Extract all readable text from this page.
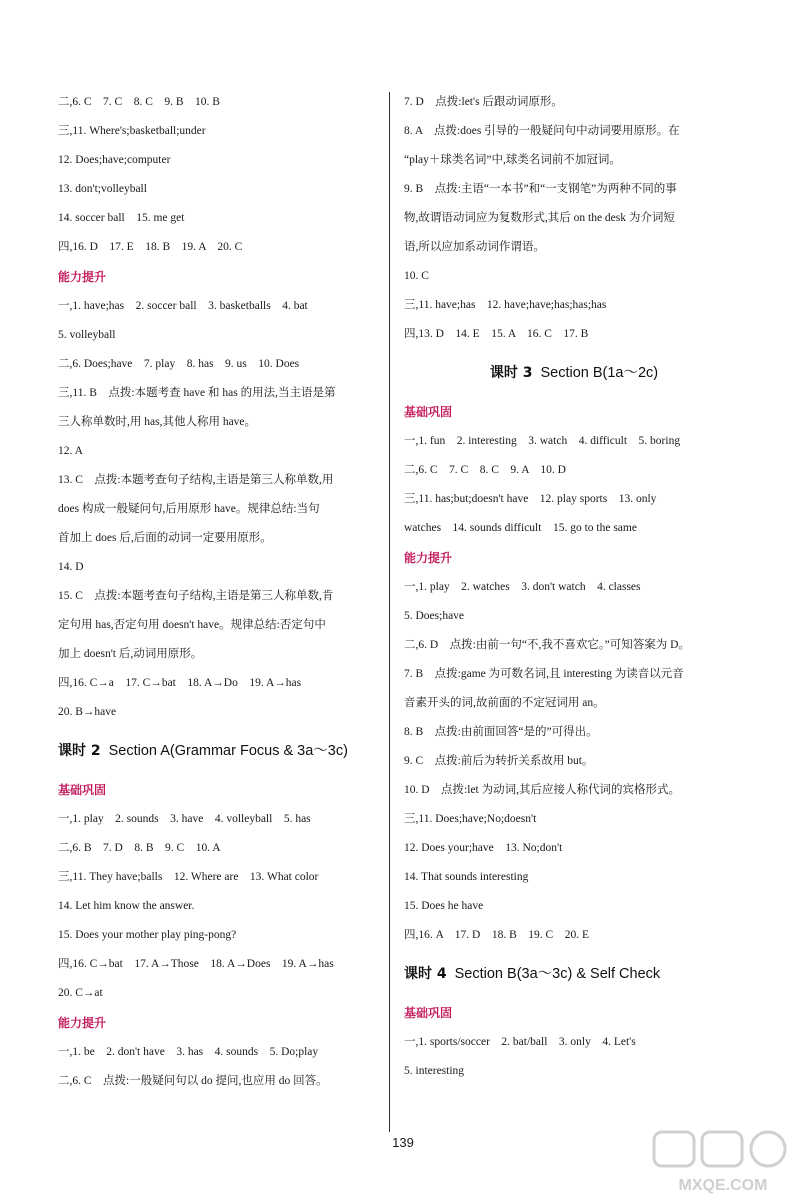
二,6. C　7. C　8. C　9. B　10. B
三,11. Where's;basketball;under
12. Does;have;computer
13. don't;volleyball
14. soccer ball　15. me get
四,16. D　17. E　18. B　19. A　20. C
能力提升
一,1. have;has　2. soccer ball　3. basketballs　4. bat
5. volleyball
二,6. Does;have　7. play　8. has　9. us　10. Does
三,11. B　点拨:本题考查 have 和 has 的用法,当主语是第
三人称单数时,用 has,其他人称用 have。
12. A
13. C　点拨:本题考查句子结构,主语是第三人称单数,用
does 构成一般疑问句,后用原形 have。规律总结:当句
首加上 does 后,后面的动词一定要用原形。
14. D
15. C　点拨:本题考查句子结构,主语是第三人称单数,肯
定句用 has,否定句用 doesn't have。规律总结:否定句中
加上 doesn't 后,动词用原形。
四,16. C→a　17. C→bat　18. A→Do　19. A→has
20. B→have
课时 2 Section A(Grammar Focus & 3a～3c)
基础巩固
一,1. play　2. sounds　3. have　4. volleyball　5. has
二,6. B　7. D　8. B　9. C　10. A
三,11. They have;balls　12. Where are　13. What color
14. Let him know the answer.
15. Does your mother play ping-pong?
四,16. C→bat　17. A→Those　18. A→Does　19. A→has
20. C→at
能力提升
一,1. be　2. don't have　3. has　4. sounds　5. Do;play
二,6. C　点拨:一般疑问句以 do 提问,也应用 do 回答。
7. D　点拨:let's 后跟动词原形。
8. A　点拨:does 引导的一般疑问句中动词要用原形。在
“play＋球类名词”中,球类名词前不加冠词。
9. B　点拨:主语“一本书”和“一支钢笔”为两种不同的事
物,故谓语动词应为复数形式,其后 on the desk 为介词短
语,所以应加系动词作谓语。
10. C
三,11. have;has　12. have;have;has;has;has
四,13. D　14. E　15. A　16. C　17. B
课时 3 Section B(1a～2c)
基础巩固
一,1. fun　2. interesting　3. watch　4. difficult　5. boring
二,6. C　7. C　8. C　9. A　10. D
三,11. has;but;doesn't have　12. play sports　13. only
watches　14. sounds difficult　15. go to the same
能力提升
一,1. play　2. watches　3. don't watch　4. classes
5. Does;have
二,6. D　点拨:由前一句“不,我不喜欢它。”可知答案为 D。
7. B　点拨:game 为可数名词,且 interesting 为读音以元音
音素开头的词,故前面的不定冠词用 an。
8. B　点拨:由前面回答“是的”可得出。
9. C　点拨:前后为转折关系故用 but。
10. D　点拨:let 为动词,其后应接人称代词的宾格形式。
三,11. Does;have;No;doesn't
12. Does your;have　13. No;don't
14. That sounds interesting
15. Does he have
四,16. A　17. D　18. B　19. C　20. E
课时 4 Section B(3a～3c) & Self Check
基础巩固
一,1. sports/soccer　2. bat/ball　3. only　4. Let's
5. interesting
139
MXQE.COM
